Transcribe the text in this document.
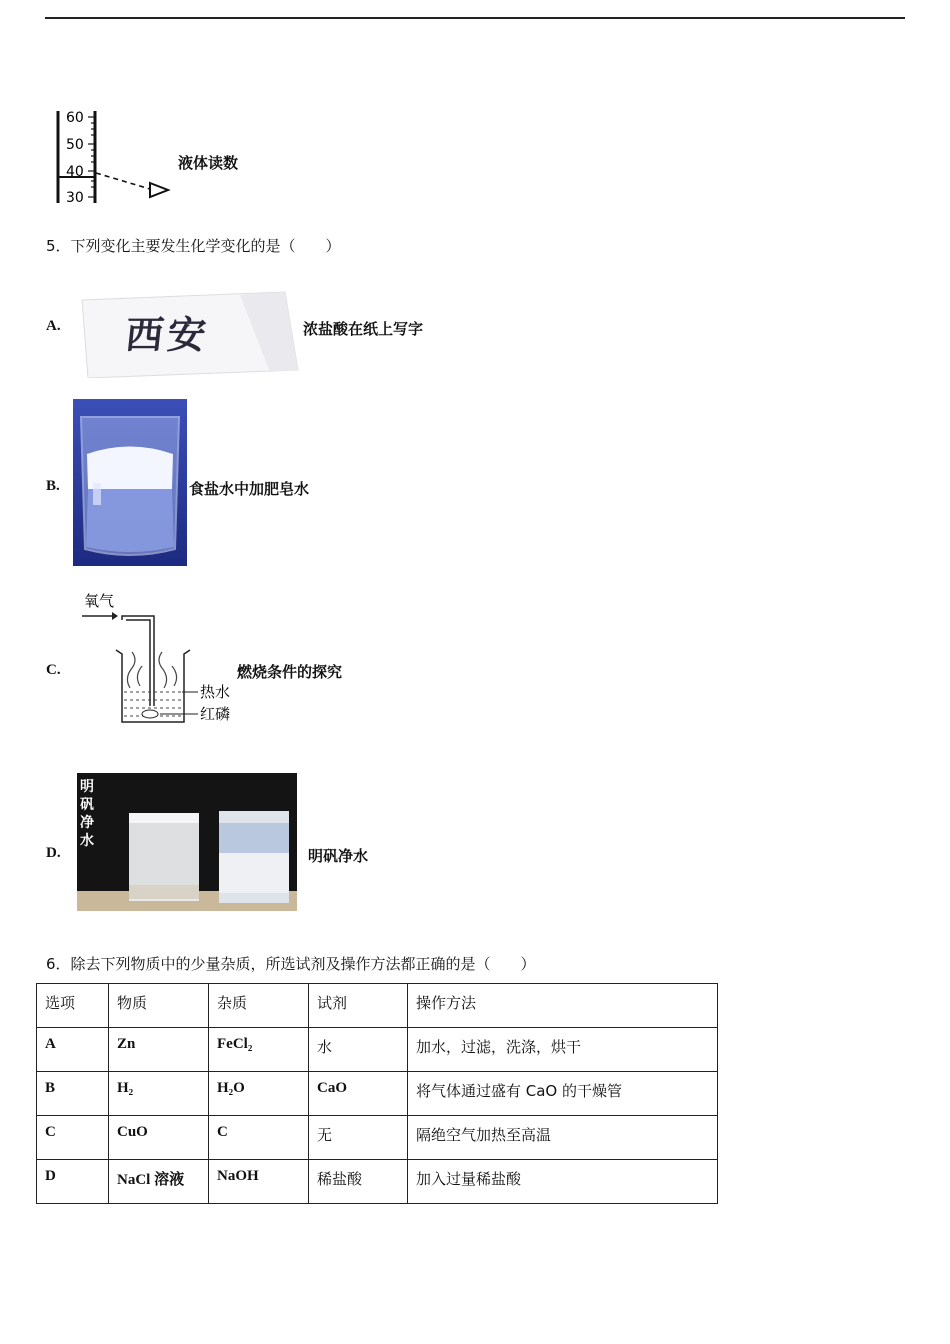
60
50
40
30
液体读数
5．下列变化主要发生化学变化的是（　　）
A. 西安	浓盐酸在纸上写字
B.	食盐水中加肥皂水
C.
氧气
热水
红磷
燃烧条件的探究
D.
明
矾
净
水
明矾净水
6．除去下列物质中的少量杂质，所选试剂及操作方法都正确的是（　　）
选项	物质	杂质	试剂	操作方法
A	Zn	FeCl₂	水	加水，过滤，洗涤，烘干
B	H₂	H₂O	CaO	将气体通过盛有 CaO 的干燥管
C	CuO	C	无	隔绝空气加热至高温
D	NaCl 溶液	NaOH	稀盐酸	加入过量稀盐酸
